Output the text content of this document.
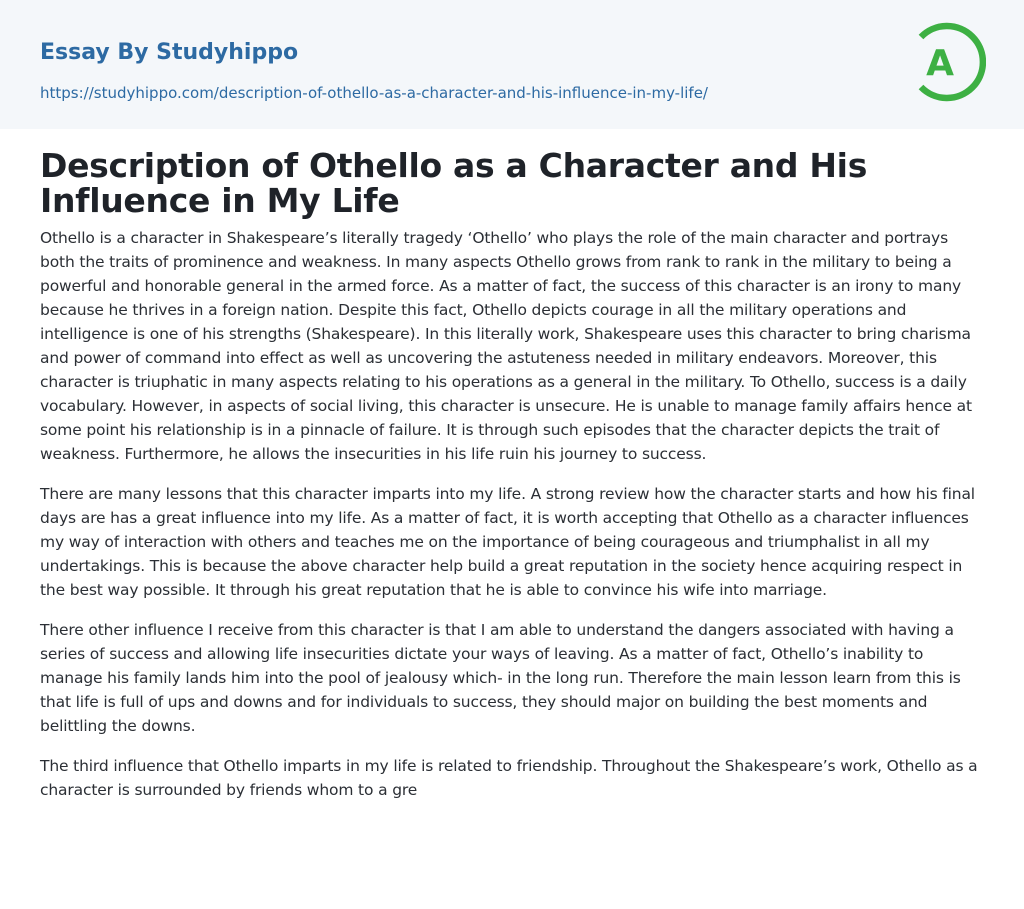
Essay By Studyhippo
https://studyhippo.com/description-of-othello-as-a-character-and-his-influence-in-my-life/
A
Description of Othello as a Character and His Influence in My Life

Othello is a character in Shakespeare’s literally tragedy ‘Othello’ who plays the role of the main character and portrays both the traits of prominence and weakness. In many aspects Othello grows from rank to rank in the military to being a powerful and honorable general in the armed force. As a matter of fact, the success of this character is an irony to many because he thrives in a foreign nation. Despite this fact, Othello depicts courage in all the military operations and intelligence is one of his strengths (Shakespeare). In this literally work, Shakespeare uses this character to bring charisma and power of command into effect as well as uncovering the astuteness needed in military endeavors. Moreover, this character is triuphatic in many aspects relating to his operations as a general in the military. To Othello, success is a daily vocabulary. However, in aspects of social living, this character is unsecure. He is unable to manage family affairs hence at some point his relationship is in a pinnacle of failure. It is through such episodes that the character depicts the trait of weakness. Furthermore, he allows the insecurities in his life ruin his journey to success.

There are many lessons that this character imparts into my life. A strong review how the character starts and how his final days are has a great influence into my life. As a matter of fact, it is worth accepting that Othello as a character influences my way of interaction with others and teaches me on the importance of being courageous and triumphalist in all my undertakings. This is because the above character help build a great reputation in the society hence acquiring respect in the best way possible. It through his great reputation that he is able to convince his wife into marriage.

There other influence I receive from this character is that I am able to understand the dangers associated with having a series of success and allowing life insecurities dictate your ways of leaving. As a matter of fact, Othello’s inability to manage his family lands him into the pool of jealousy which- in the long run. Therefore the main lesson learn from this is that life is full of ups and downs and for individuals to success, they should major on building the best moments and belittling the downs.

The third influence that Othello imparts in my life is related to friendship. Throughout the Shakespeare’s work, Othello as a character is surrounded by friends whom to a gre
